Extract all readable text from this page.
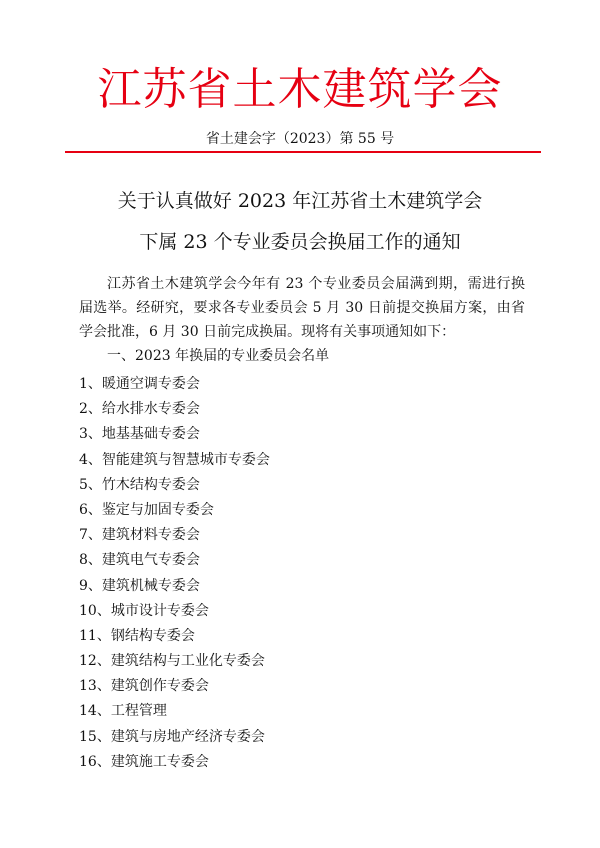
江苏省土木建筑学会
省土建会字（2023）第 55 号
关于认真做好 2023 年江苏省土木建筑学会
下属 23 个专业委员会换届工作的通知

江苏省土木建筑学会今年有 23 个专业委员会届满到期，需进行换届选举。经研究，要求各专业委员会 5 月 30 日前提交换届方案，由省学会批准，6 月 30 日前完成换届。现将有关事项通知如下：

一、2023 年换届的专业委员会名单
1、暖通空调专委会
2、给水排水专委会
3、地基基础专委会
4、智能建筑与智慧城市专委会
5、竹木结构专委会
6、鉴定与加固专委会
7、建筑材料专委会
8、建筑电气专委会
9、建筑机械专委会
10、城市设计专委会
11、钢结构专委会
12、建筑结构与工业化专委会
13、建筑创作专委会
14、工程管理
15、建筑与房地产经济专委会
16、建筑施工专委会
